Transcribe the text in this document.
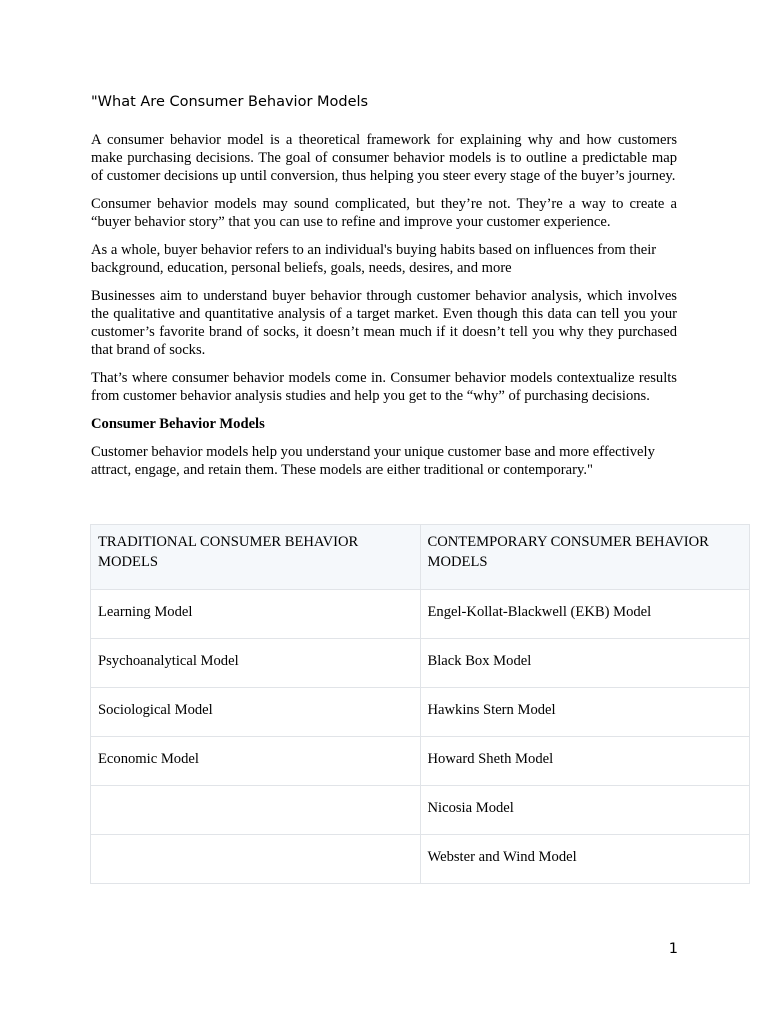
"What Are Consumer Behavior Models

A consumer behavior model is a theoretical framework for explaining why and how customers make purchasing decisions. The goal of consumer behavior models is to outline a predictable map of customer decisions up until conversion, thus helping you steer every stage of the buyer’s journey.

Consumer behavior models may sound complicated, but they’re not. They’re a way to create a “buyer behavior story” that you can use to refine and improve your customer experience.

As a whole, buyer behavior refers to an individual's buying habits based on influences from their background, education, personal beliefs, goals, needs, desires, and more

Businesses aim to understand buyer behavior through customer behavior analysis, which involves the qualitative and quantitative analysis of a target market. Even though this data can tell you your customer’s favorite brand of socks, it doesn’t mean much if it doesn’t tell you why they purchased that brand of socks.

That’s where consumer behavior models come in. Consumer behavior models contextualize results from customer behavior analysis studies and help you get to the “why” of purchasing decisions.

Consumer Behavior Models

Customer behavior models help you understand your unique customer base and more effectively attract, engage, and retain them. These models are either traditional or contemporary."

TRADITIONAL CONSUMER BEHAVIOR MODELS	CONTEMPORARY CONSUMER BEHAVIOR MODELS
Learning Model	Engel-Kollat-Blackwell (EKB) Model
Psychoanalytical Model	Black Box Model
Sociological Model	Hawkins Stern Model
Economic Model	Howard Sheth Model
	Nicosia Model
	Webster and Wind Model
1
